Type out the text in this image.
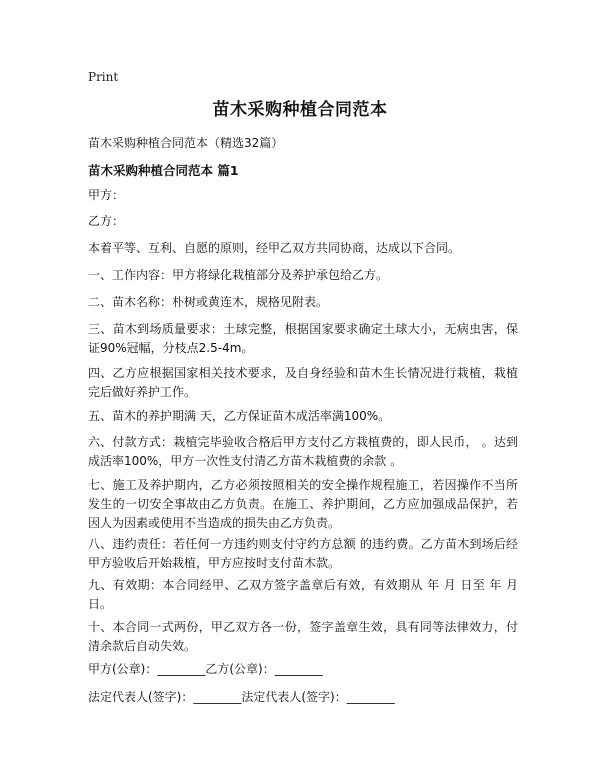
Print
苗木采购种植合同范本
苗木采购种植合同范本（精选32篇）
苗木采购种植合同范本 篇1
甲方：
乙方：
本着平等、互利、自愿的原则，经甲乙双方共同协商，达成以下合同。
一、工作内容：甲方将绿化栽植部分及养护承包给乙方。
二、苗木名称：朴树或黄连木，规格见附表。
三、苗木到场质量要求：土球完整，根据国家要求确定土球大小，无病虫害，保证90%冠幅，分枝点2.5-4m。
四、乙方应根据国家相关技术要求，及自身经验和苗木生长情况进行栽植，栽植完后做好养护工作。
五、苗木的养护期满 天，乙方保证苗木成活率满100%。
六、付款方式：栽植完毕验收合格后甲方支付乙方栽植费的，即人民币， 。达到成活率100%，甲方一次性支付清乙方苗木栽植费的余款 。
七、施工及养护期内，乙方必须按照相关的安全操作规程施工，若因操作不当所发生的一切安全事故由乙方负责。在施工、养护期间，乙方应加强成品保护，若因人为因素或使用不当造成的损失由乙方负责。
八、违约责任：若任何一方违约则支付守约方总额 的违约费。乙方苗木到场后经甲方验收后开始栽植，甲方应按时支付苗木款。
九、有效期：本合同经甲、乙双方签字盖章后有效，有效期从 年 月 日至 年 月 日。
十、本合同一式两份，甲乙双方各一份，签字盖章生效，具有同等法律效力，付清余款后自动失效。
甲方(公章)：________乙方(公章)：________
法定代表人(签字)：________法定代表人(签字)：________
